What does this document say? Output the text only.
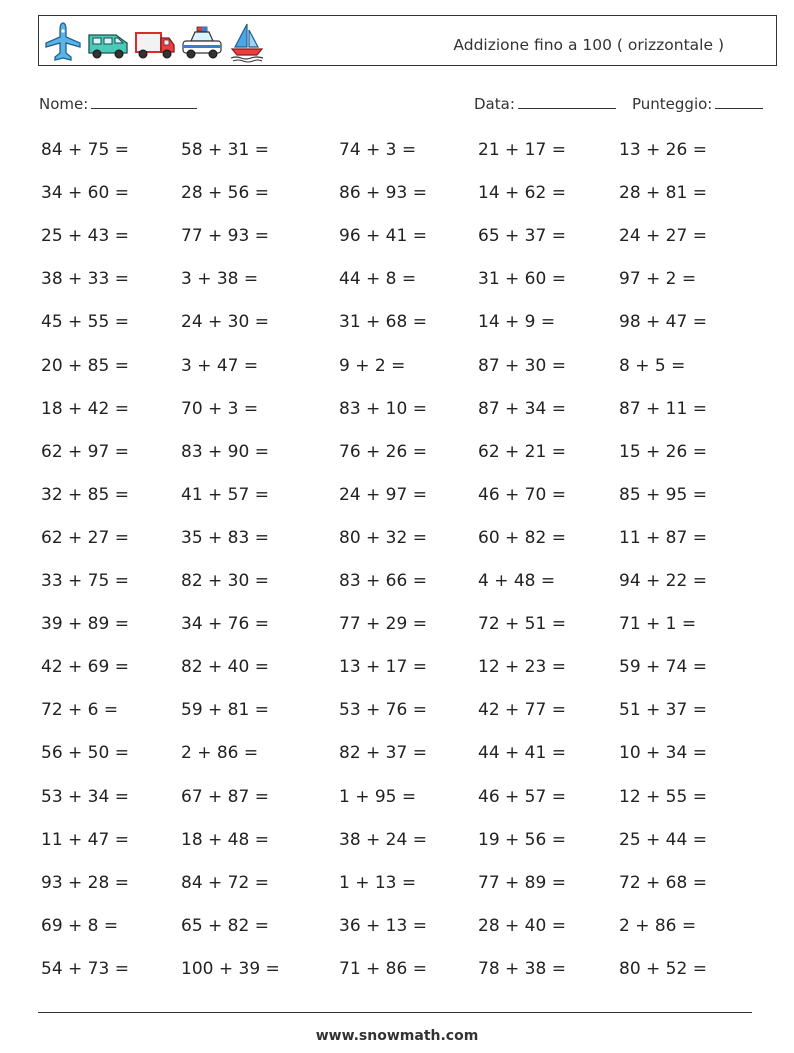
Addizione fino a 100 ( orizzontale )
Nome:	Data:	Punteggio:
84 + 75 =	58 + 31 =	74 + 3 =	21 + 17 =	13 + 26 =
34 + 60 =	28 + 56 =	86 + 93 =	14 + 62 =	28 + 81 =
25 + 43 =	77 + 93 =	96 + 41 =	65 + 37 =	24 + 27 =
38 + 33 =	3 + 38 =	44 + 8 =	31 + 60 =	97 + 2 =
45 + 55 =	24 + 30 =	31 + 68 =	14 + 9 =	98 + 47 =
20 + 85 =	3 + 47 =	9 + 2 =	87 + 30 =	8 + 5 =
18 + 42 =	70 + 3 =	83 + 10 =	87 + 34 =	87 + 11 =
62 + 97 =	83 + 90 =	76 + 26 =	62 + 21 =	15 + 26 =
32 + 85 =	41 + 57 =	24 + 97 =	46 + 70 =	85 + 95 =
62 + 27 =	35 + 83 =	80 + 32 =	60 + 82 =	11 + 87 =
33 + 75 =	82 + 30 =	83 + 66 =	4 + 48 =	94 + 22 =
39 + 89 =	34 + 76 =	77 + 29 =	72 + 51 =	71 + 1 =
42 + 69 =	82 + 40 =	13 + 17 =	12 + 23 =	59 + 74 =
72 + 6 =	59 + 81 =	53 + 76 =	42 + 77 =	51 + 37 =
56 + 50 =	2 + 86 =	82 + 37 =	44 + 41 =	10 + 34 =
53 + 34 =	67 + 87 =	1 + 95 =	46 + 57 =	12 + 55 =
11 + 47 =	18 + 48 =	38 + 24 =	19 + 56 =	25 + 44 =
93 + 28 =	84 + 72 =	1 + 13 =	77 + 89 =	72 + 68 =
69 + 8 =	65 + 82 =	36 + 13 =	28 + 40 =	2 + 86 =
54 + 73 =	100 + 39 =	71 + 86 =	78 + 38 =	80 + 52 =
www.snowmath.com
